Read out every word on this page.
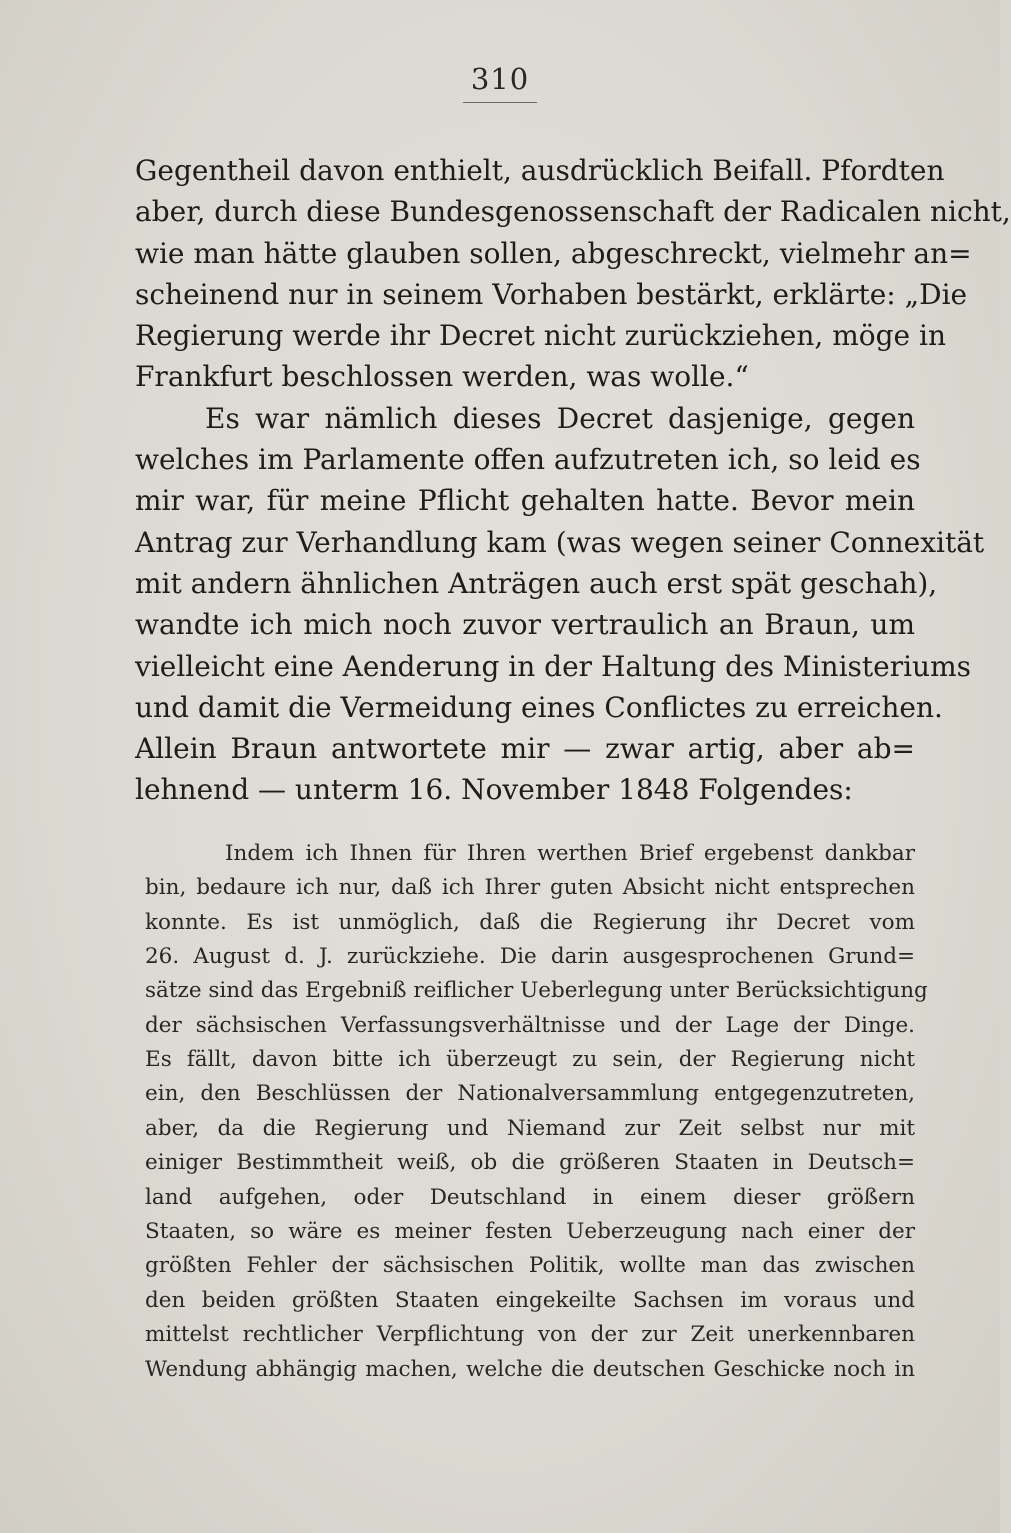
310
Gegentheil davon enthielt, ausdrücklich Beifall. Pfordten
aber, durch diese Bundesgenossenschaft der Radicalen nicht,
wie man hätte glauben sollen, abgeschreckt, vielmehr an=
scheinend nur in seinem Vorhaben bestärkt, erklärte: „Die
Regierung werde ihr Decret nicht zurückziehen, möge in
Frankfurt beschlossen werden, was wolle.“
Es war nämlich dieses Decret dasjenige, gegen
welches im Parlamente offen aufzutreten ich, so leid es
mir war, für meine Pflicht gehalten hatte. Bevor mein
Antrag zur Verhandlung kam (was wegen seiner Connexität
mit andern ähnlichen Anträgen auch erst spät geschah),
wandte ich mich noch zuvor vertraulich an Braun, um
vielleicht eine Aenderung in der Haltung des Ministeriums
und damit die Vermeidung eines Conflictes zu erreichen.
Allein Braun antwortete mir — zwar artig, aber ab=
lehnend — unterm 16. November 1848 Folgendes:
Indem ich Ihnen für Ihren werthen Brief ergebenst dankbar
bin, bedaure ich nur, daß ich Ihrer guten Absicht nicht entsprechen
konnte. Es ist unmöglich, daß die Regierung ihr Decret vom
26. August d. J. zurückziehe. Die darin ausgesprochenen Grund=
sätze sind das Ergebniß reiflicher Ueberlegung unter Berücksichtigung
der sächsischen Verfassungsverhältnisse und der Lage der Dinge.
Es fällt, davon bitte ich überzeugt zu sein, der Regierung nicht
ein, den Beschlüssen der Nationalversammlung entgegenzutreten,
aber, da die Regierung und Niemand zur Zeit selbst nur mit
einiger Bestimmtheit weiß, ob die größeren Staaten in Deutsch=
land aufgehen, oder Deutschland in einem dieser größern
Staaten, so wäre es meiner festen Ueberzeugung nach einer der
größten Fehler der sächsischen Politik, wollte man das zwischen
den beiden größten Staaten eingekeilte Sachsen im voraus und
mittelst rechtlicher Verpflichtung von der zur Zeit unerkennbaren
Wendung abhängig machen, welche die deutschen Geschicke noch in
